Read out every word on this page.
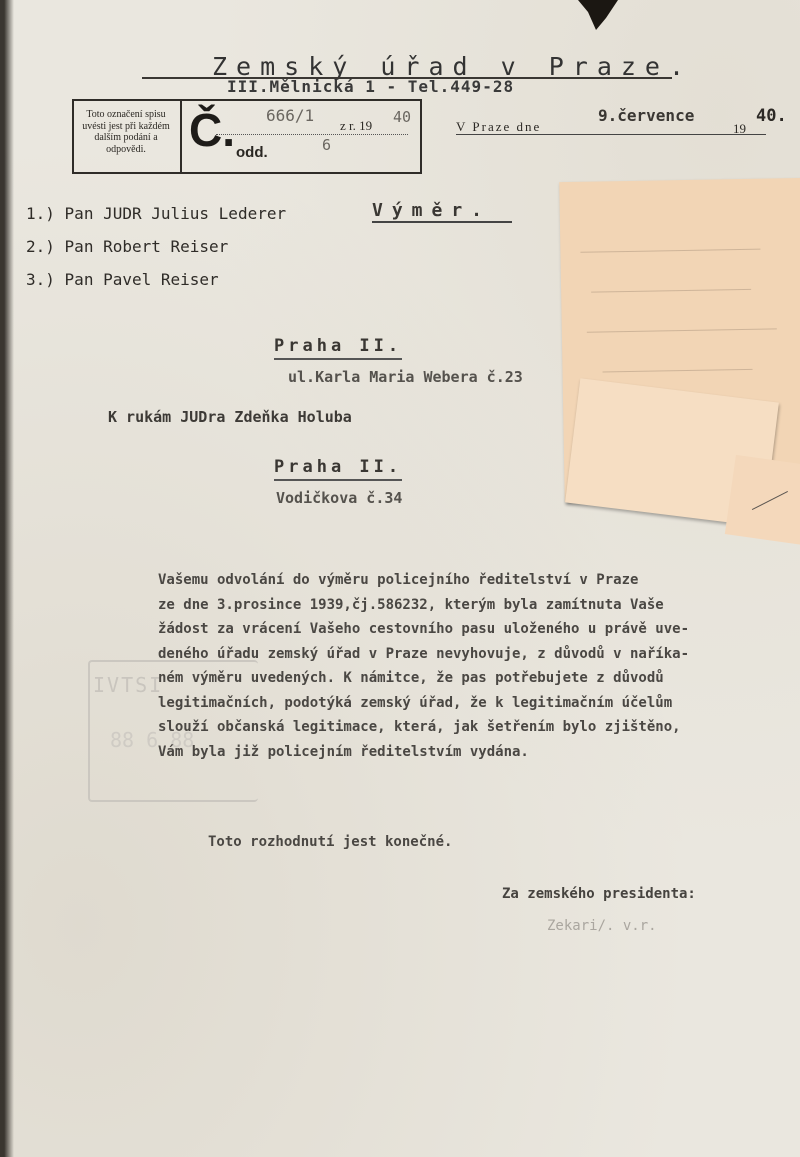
Zemský úřad v Praze.
III.Mělnická 1 - Tel.449-28
Toto označení spisu uvésti jest při každém dalším podání a odpovědi. Č. 666/1
z r. 19 40
odd.	6
V Praze dne
9.července
19
40.
1.) Pan JUDR Julius Lederer
2.) Pan Robert Reiser
3.) Pan Pavel Reiser
Výměr.
Praha II.
ul.Karla Maria Webera č.23
K rukám JUDra Zdeňka Holuba
Praha II.
Vodičkova č.34
IVTSI
88 6 88

Vašemu odvolání do výměru policejního ředitelství v Praze

ze dne 3.prosince 1939,čj.586232, kterým byla zamítnuta Vaše

žádost za vrácení Vašeho cestovního pasu uloženého u právě uve-

deného úřadu zemský úřad v Praze nevyhovuje, z důvodů v naříka-

ném výměru uvedených. K námitce, že pas potřebujete z důvodů

legitimačních, podotýká zemský úřad, že k legitimačním účelům

slouží občanská legitimace, která, jak šetřením bylo zjištěno,

Vám byla již policejním ředitelstvím vydána.

Toto rozhodnutí jest konečné.
Za zemského presidenta:
Zekari/. v.r.
